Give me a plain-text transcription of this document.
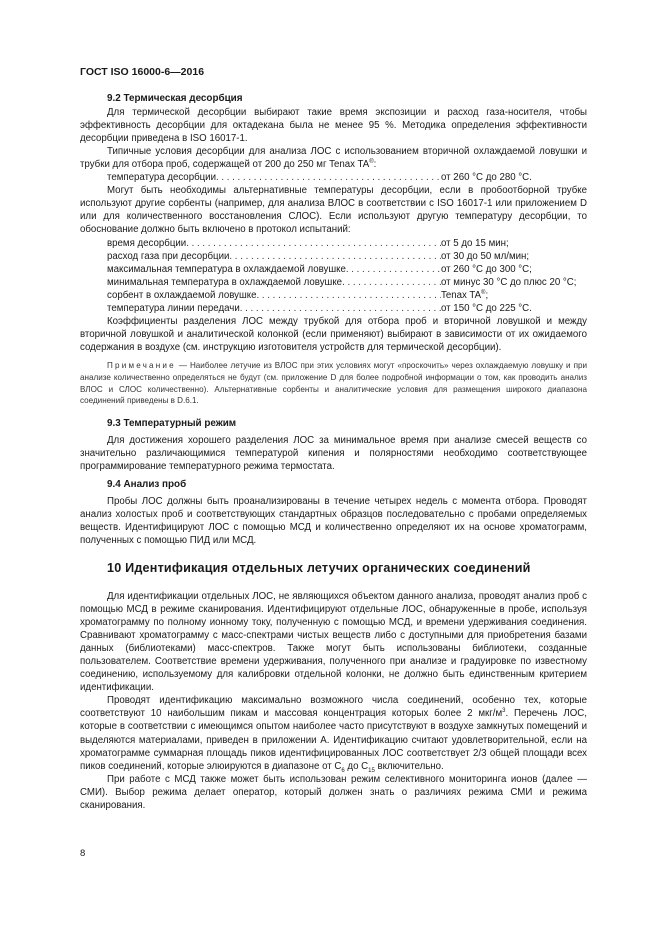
ГОСТ ISO 16000-6—2016
9.2 Термическая десорбция

Для термической десорбции выбирают такие время экспозиции и расход газа-носителя, чтобы эффективность десорбции для октадекана была не менее 95 %. Методика определения эффективности десорбции приведена в ISO 16017-1.

Типичные условия десорбции для анализа ЛОС с использованием вторичной охлаждаемой ловушки и трубки для отбора проб, содержащей от 200 до 250 мг Tenax TA®:

температура десорбции . . .	от 260 °C до 280 °C.

Могут быть необходимы альтернативные температуры десорбции, если в пробоотборной трубке используют другие сорбенты (например, для анализа ВЛОС в соответствии с ISO 16017-1 или приложением D или для количественного восстановления СЛОС). Если используют другую температуру десорбции, то обоснование должно быть включено в протокол испытаний:

время десорбции . . .	от 5 до 15 мин;
расход газа при десорбции . . .	от 30 до 50 мл/мин;
максимальная температура в охлаждаемой ловушке . . .	от 260 °C до 300 °C;
минимальная температура в охлаждаемой ловушке . . .	от минус 30 °C до плюс 20 °C;
сорбент в охлаждаемой ловушке . . .	Tenax TA®;
температура линии передачи . . .	от 150 °C до 225 °C.

Коэффициенты разделения ЛОС между трубкой для отбора проб и вторичной ловушкой и между вторичной ловушкой и аналитической колонкой (если применяют) выбирают в зависимости от их ожидаемого содержания в воздухе (см. инструкцию изготовителя устройств для термической десорбции).

Примечание — Наиболее летучие из ВЛОС при этих условиях могут «проскочить» через охлаждаемую ловушку и при анализе количественно определяться не будут (см. приложение D для более подробной информации о том, как проводить анализ ВЛОС и СЛОС количественно). Альтернативные сорбенты и аналитические условия для размещения широкого диапазона соединений приведены в D.6.1.

9.3 Температурный режим

Для достижения хорошего разделения ЛОС за минимальное время при анализе смесей веществ со значительно различающимися температурой кипения и полярностями необходимо соответствующее программирование температурного режима термостата.

9.4 Анализ проб

Пробы ЛОС должны быть проанализированы в течение четырех недель с момента отбора. Проводят анализ холостых проб и соответствующих стандартных образцов последовательно с пробами определяемых веществ. Идентифицируют ЛОС с помощью МСД и количественно определяют их на основе хроматограмм, полученных с помощью ПИД или МСД.

10 Идентификация отдельных летучих органических соединений

Для идентификации отдельных ЛОС, не являющихся объектом данного анализа, проводят анализ проб с помощью МСД в режиме сканирования. Идентифицируют отдельные ЛОС, обнаруженные в пробе, используя хроматограмму по полному ионному току, полученную с помощью МСД, и времени удерживания соединения. Сравнивают хроматограмму с масс-спектрами чистых веществ либо с доступными для приобретения базами данных (библиотеками) масс-спектров. Также могут быть использованы библиотеки, созданные пользователем. Соответствие времени удерживания, полученного при анализе и градуировке по известному соединению, используемому для калибровки отдельной колонки, не должно быть единственным критерием идентификации.

Проводят идентификацию максимально возможного числа соединений, особенно тех, которые соответствуют 10 наибольшим пикам и массовая концентрация которых более 2 мкг/$м^3$. Перечень ЛОС, которые в соответствии с имеющимся опытом наиболее часто присутствуют в воздухе замкнутых помещений и выделяются материалами, приведен в приложении А. Идентификацию считают удовлетворительной, если на хроматограмме суммарная площадь пиков идентифицированных ЛОС соответствует 2/3 общей площади всех пиков соединений, которые элюируются в диапазоне от $C_6$ до $C_{15}$ включительно.

При работе с МСД также может быть использован режим селективного мониторинга ионов (далее — СМИ). Выбор режима делает оператор, который должен знать о различиях режима СМИ и режима сканирования.

8
